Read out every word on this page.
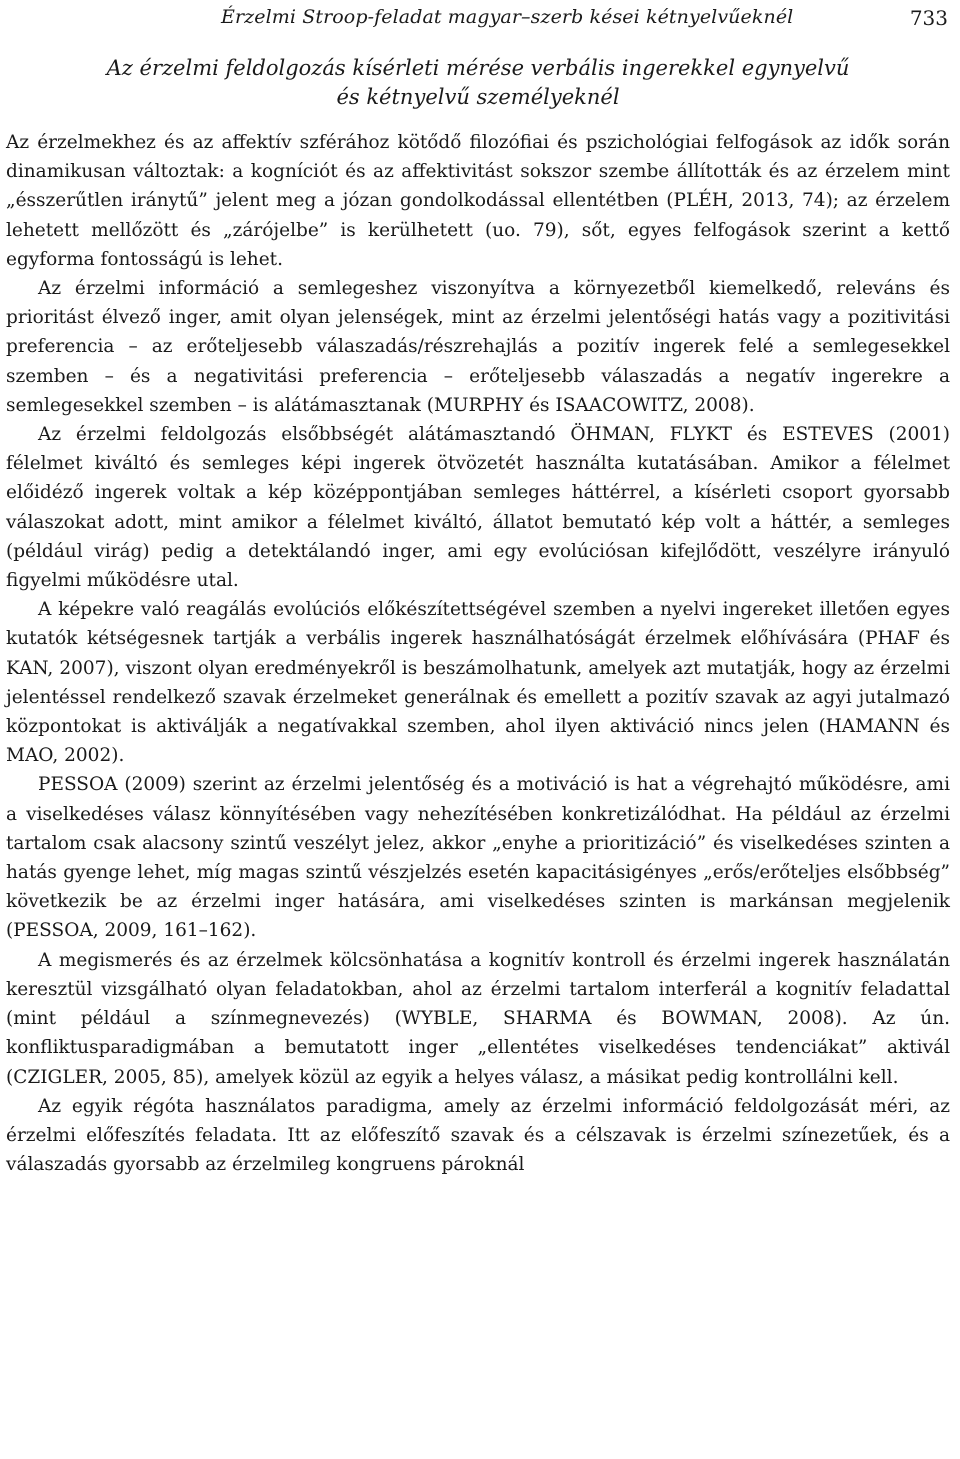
Érzelmi Stroop-feladat magyar–szerb kései kétnyelvűeknél	733
Az érzelmi feldolgozás kísérleti mérése verbális ingerekkel egynyelvű
és kétnyelvű személyeknél

Az érzelmekhez és az affektív szférához kötődő filozófiai és pszichológiai felfogások az idők során dinamikusan változtak: a kogníciót és az affektivitást sokszor szembe állították és az érzelem mint „ésszerűtlen iránytű” jelent meg a józan gondolkodással ellentétben (PLÉH, 2013, 74); az érzelem lehetett mellőzött és „zárójelbe” is kerülhetett (uo. 79), sőt, egyes felfogások szerint a kettő egyforma fontosságú is lehet.

Az érzelmi információ a semlegeshez viszonyítva a környezetből kiemelkedő, releváns és prioritást élvező inger, amit olyan jelenségek, mint az érzelmi jelentőségi hatás vagy a pozitivitási preferencia – az erőteljesebb válaszadás/részrehajlás a pozitív ingerek felé a semlegesekkel szemben – és a negativitási preferencia – erőteljesebb válaszadás a negatív ingerekre a semlegesekkel szemben – is alátámasztanak (MURPHY és ISAACOWITZ, 2008).

Az érzelmi feldolgozás elsőbbségét alátámasztandó ÖHMAN, FLYKT és ESTEVES (2001) félelmet kiváltó és semleges képi ingerek ötvözetét használta kutatásában. Amikor a félelmet előidéző ingerek voltak a kép középpontjában semleges háttérrel, a kísérleti csoport gyorsabb válaszokat adott, mint amikor a félelmet kiváltó, állatot bemutató kép volt a háttér, a semleges (például virág) pedig a detektálandó inger, ami egy evolúciósan kifejlődött, veszélyre irányuló figyelmi működésre utal.

A képekre való reagálás evolúciós előkészítettségével szemben a nyelvi ingereket illetően egyes kutatók kétségesnek tartják a verbális ingerek használhatóságát érzelmek előhívására (PHAF és KAN, 2007), viszont olyan eredményekről is beszámolhatunk, amelyek azt mutatják, hogy az érzelmi jelentéssel rendelkező szavak érzelmeket generálnak és emellett a pozitív szavak az agyi jutalmazó központokat is aktiválják a negatívakkal szemben, ahol ilyen aktiváció nincs jelen (HAMANN és MAO, 2002).

PESSOA (2009) szerint az érzelmi jelentőség és a motiváció is hat a végrehajtó működésre, ami a viselkedéses válasz könnyítésében vagy nehezítésében konkretizálódhat. Ha például az érzelmi tartalom csak alacsony szintű veszélyt jelez, akkor „enyhe a prioritizáció” és viselkedéses szinten a hatás gyenge lehet, míg magas szintű vészjelzés esetén kapacitásigényes „erős/erőteljes elsőbbség” következik be az érzelmi inger hatására, ami viselkedéses szinten is markánsan megjelenik (PESSOA, 2009, 161–162).

A megismerés és az érzelmek kölcsönhatása a kognitív kontroll és érzelmi ingerek használatán keresztül vizsgálható olyan feladatokban, ahol az érzelmi tartalom interferál a kognitív feladattal (mint például a színmegnevezés) (WYBLE, SHARMA és BOWMAN, 2008). Az ún. konfliktusparadigmában a bemutatott inger „ellentétes viselkedéses tendenciákat” aktivál (CZIGLER, 2005, 85), amelyek közül az egyik a helyes válasz, a másikat pedig kontrollálni kell.

Az egyik régóta használatos paradigma, amely az érzelmi információ feldolgozását méri, az érzelmi előfeszítés feladata. Itt az előfeszítő szavak és a célszavak is érzelmi színezetűek, és a válaszadás gyorsabb az érzelmileg kongruens pároknál
